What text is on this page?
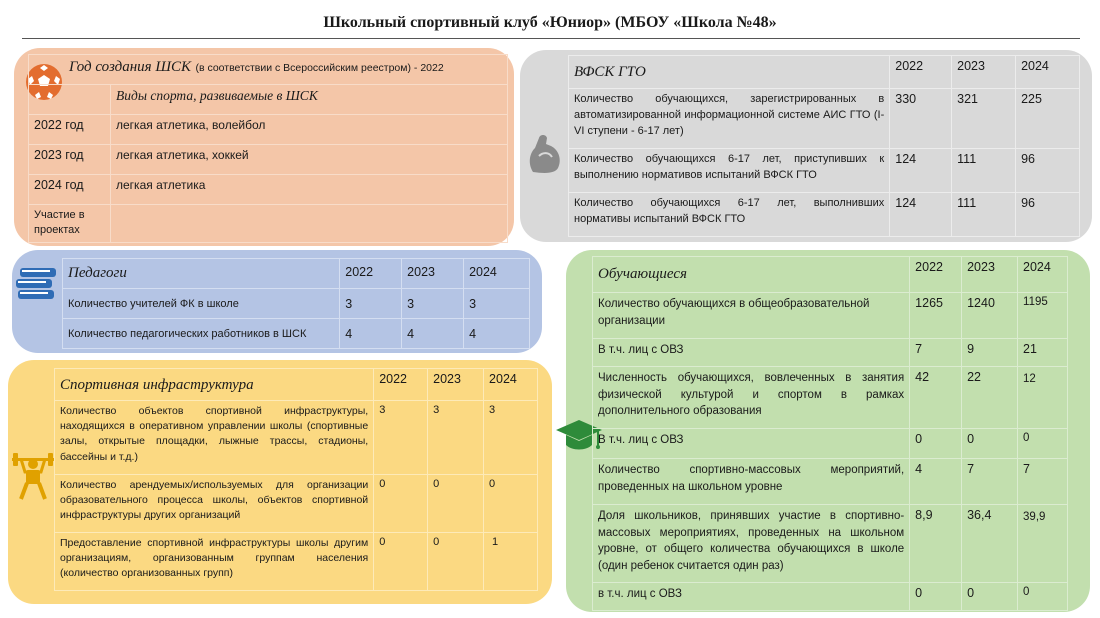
Школьный спортивный клуб «Юниор» (МБОУ «Школа №48»
Год создания ШСК (в соответствии с Всероссийским реестром) - 2022	
	Виды спорта, развиваемые в ШСК
2022 год	легкая атлетика, волейбол
2023 год	легкая атлетика, хоккей
2024 год	легкая атлетика
Участие в проектах	
ВФСК ГТО	2022	2023	2024
Количество обучающихся, зарегистрированных в автоматизированной информационной системе АИС ГТО (I-VI ступени - 6-17 лет)	330	321	225
Количество обучающихся 6-17 лет, приступивших к выполнению нормативов испытаний ВФСК ГТО	124	111	96
Количество обучающихся 6-17 лет, выполнивших нормативы испытаний ВФСК ГТО	124	111	96
Педагоги	2022	2023	2024
Количество учителей ФК в школе	3	3	3
Количество педагогических работников в ШСК	4	4	4
Спортивная инфраструктура	2022	2023	2024
Количество объектов спортивной инфраструктуры, находящихся в оперативном управлении школы (спортивные залы, открытые площадки, лыжные трассы, стадионы, бассейны и т.д.)	3	3	3
Количество арендуемых/используемых для организации образовательного процесса школы, объектов спортивной инфраструктуры других организаций	0	0	0
Предоставление спортивной инфраструктуры школы другим организациям, организованным группам населения (количество организованных групп)	0	0	1
Обучающиеся	2022	2023	2024
Количество обучающихся в общеобразовательной организации	1265	1240	1195
В т.ч. лиц с ОВЗ	7	9	21
Численность обучающихся, вовлеченных в занятия физической культурой и спортом в рамках дополнительного образования	42	22	12
В т.ч. лиц с ОВЗ	0	0	0
Количество спортивно-массовых мероприятий, проведенных на школьном уровне	4	7	7
Доля школьников, принявших участие в спортивно-массовых мероприятиях, проведенных на школьном уровне, от общего количества обучающихся в школе (один ребенок считается один раз)	8,9	36,4	39,9
в т.ч. лиц с ОВЗ	0	0	0
